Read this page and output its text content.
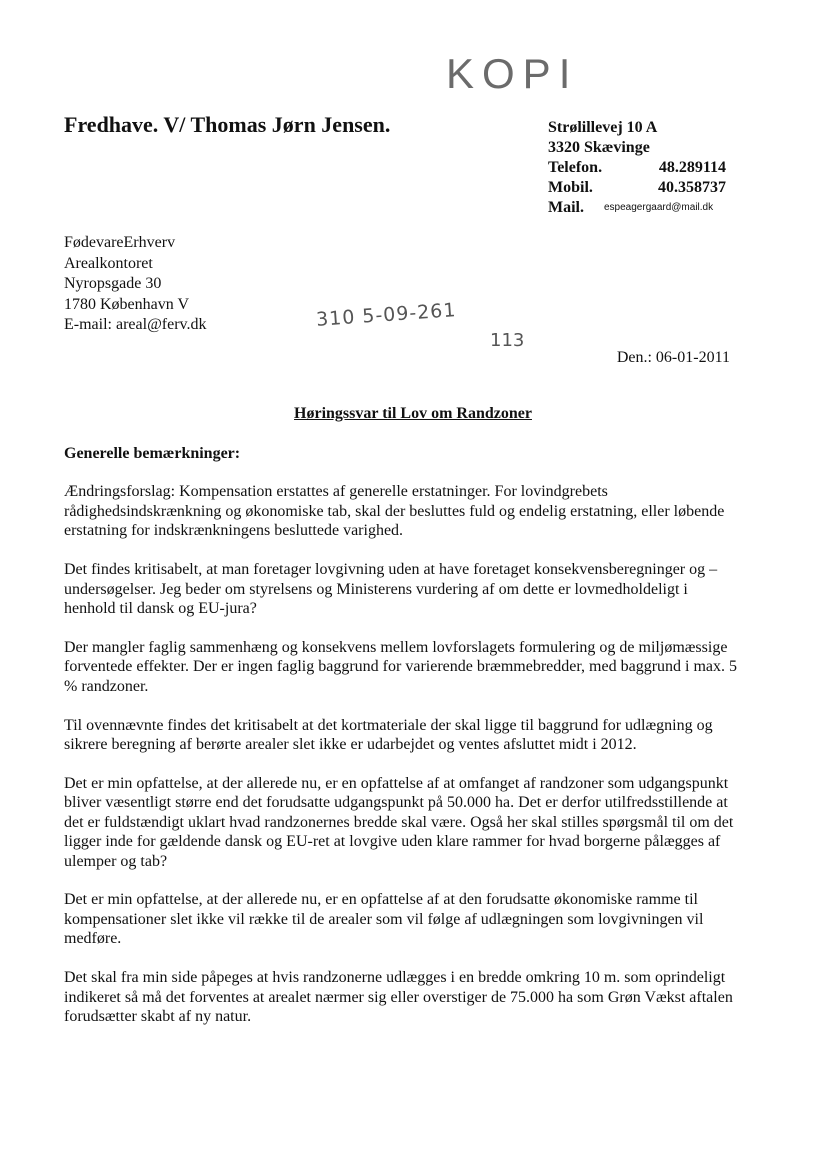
KOPI
Fredhave. V/ Thomas Jørn Jensen.	Strølillevej 10 A
3320 Skævinge
Telefon.	48.289114
Mobil.	40.358737
Mail. espeagergaard@mail.dk
FødevareErhverv
Arealkontoret
Nyropsgade 30
1780 København V
E-mail: areal@ferv.dk	310 5-09-261
113
Den.: 06-01-2011
Høringssvar til Lov om Randzoner

Generelle bemærkninger:

Ændringsforslag: Kompensation erstattes af generelle erstatninger. For lovindgrebets rådighedsindskrænkning og økonomiske tab, skal der besluttes fuld og endelig erstatning, eller løbende erstatning for indskrænkningens besluttede varighed.

Det findes kritisabelt, at man foretager lovgivning uden at have foretaget konsekvensberegninger og – undersøgelser. Jeg beder om styrelsens og Ministerens vurdering af om dette er lovmedholdeligt i henhold til dansk og EU-jura?

Der mangler faglig sammenhæng og konsekvens mellem lovforslagets formulering og de miljømæssige forventede effekter. Der er ingen faglig baggrund for varierende bræmmebredder, med baggrund i max. 5 % randzoner.

Til ovennævnte findes det kritisabelt at det kortmateriale der skal ligge til baggrund for udlægning og sikrere beregning af berørte arealer slet ikke er udarbejdet og ventes afsluttet midt i 2012.

Det er min opfattelse, at der allerede nu, er en opfattelse af at omfanget af randzoner som udgangspunkt bliver væsentligt større end det forudsatte udgangspunkt på 50.000 ha. Det er derfor utilfredsstillende at det er fuldstændigt uklart hvad randzonernes bredde skal være. Også her skal stilles spørgsmål til om det ligger inde for gældende dansk og EU-ret at lovgive uden klare rammer for hvad borgerne pålægges af ulemper og tab?

Det er min opfattelse, at der allerede nu, er en opfattelse af at den forudsatte økonomiske ramme til kompensationer slet ikke vil række til de arealer som vil følge af udlægningen som lovgivningen vil medføre.

Det skal fra min side påpeges at hvis randzonerne udlægges i en bredde omkring 10 m. som oprindeligt indikeret så må det forventes at arealet nærmer sig eller overstiger de 75.000 ha som Grøn Vækst aftalen forudsætter skabt af ny natur.
